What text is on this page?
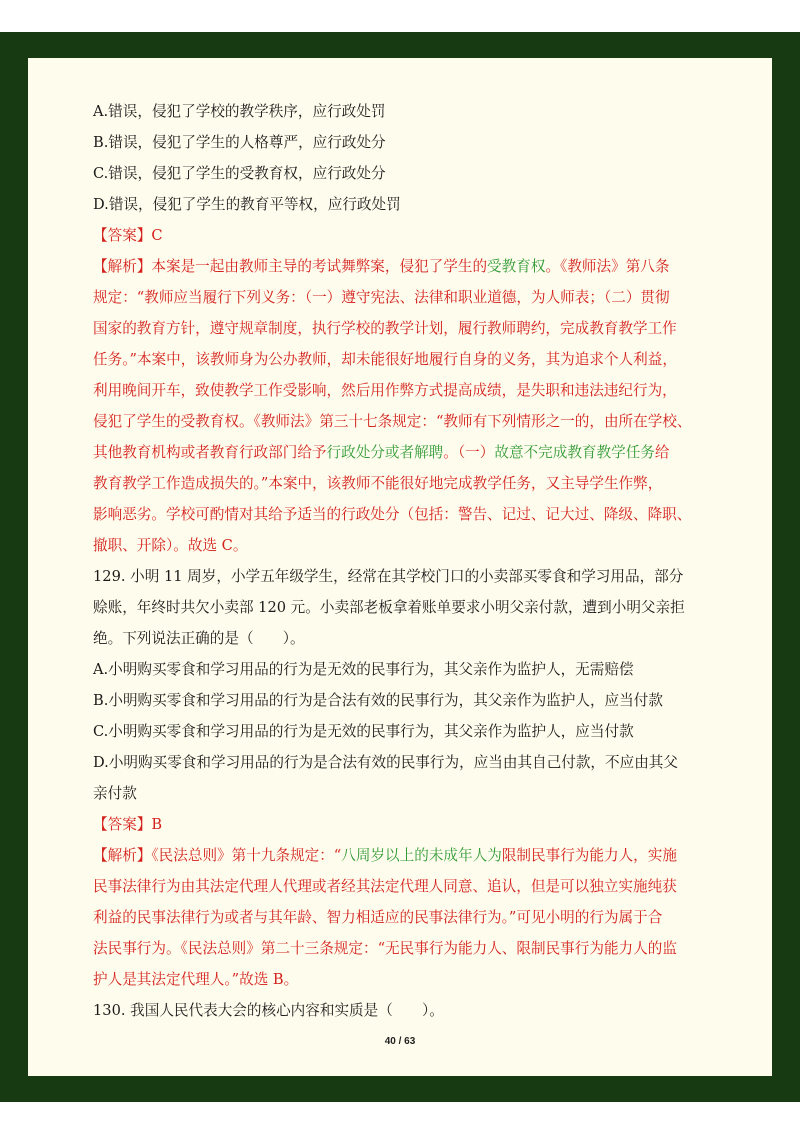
A.错误，侵犯了学校的教学秩序，应行政处罚
B.错误，侵犯了学生的人格尊严，应行政处分
C.错误，侵犯了学生的受教育权，应行政处分
D.错误，侵犯了学生的教育平等权，应行政处罚
【答案】C
【解析】本案是一起由教师主导的考试舞弊案，侵犯了学生的受教育权。《教师法》第八条
规定：“教师应当履行下列义务：（一）遵守宪法、法律和职业道德，为人师表；（二）贯彻
国家的教育方针，遵守规章制度，执行学校的教学计划，履行教师聘约，完成教育教学工作
任务。”本案中，该教师身为公办教师，却未能很好地履行自身的义务，其为追求个人利益，
利用晚间开车，致使教学工作受影响，然后用作弊方式提高成绩，是失职和违法违纪行为，
侵犯了学生的受教育权。《教师法》第三十七条规定：“教师有下列情形之一的，由所在学校、
其他教育机构或者教育行政部门给予行政处分或者解聘。（一）故意不完成教育教学任务给
教育教学工作造成损失的。”本案中，该教师不能很好地完成教学任务，又主导学生作弊，
影响恶劣。学校可酌情对其给予适当的行政处分（包括：警告、记过、记大过、降级、降职、
撤职、开除）。故选 C。
129. 小明 11 周岁，小学五年级学生，经常在其学校门口的小卖部买零食和学习用品，部分
赊账，年终时共欠小卖部 120 元。小卖部老板拿着账单要求小明父亲付款，遭到小明父亲拒
绝。下列说法正确的是（　　）。
A.小明购买零食和学习用品的行为是无效的民事行为，其父亲作为监护人，无需赔偿
B.小明购买零食和学习用品的行为是合法有效的民事行为，其父亲作为监护人，应当付款
C.小明购买零食和学习用品的行为是无效的民事行为，其父亲作为监护人，应当付款
D.小明购买零食和学习用品的行为是合法有效的民事行为，应当由其自己付款，不应由其父
亲付款
【答案】B
【解析】《民法总则》第十九条规定：“八周岁以上的未成年人为限制民事行为能力人，实施
民事法律行为由其法定代理人代理或者经其法定代理人同意、追认，但是可以独立实施纯获
利益的民事法律行为或者与其年龄、智力相适应的民事法律行为。”可见小明的行为属于合
法民事行为。《民法总则》第二十三条规定：“无民事行为能力人、限制民事行为能力人的监
护人是其法定代理人。”故选 B。
130. 我国人民代表大会的核心内容和实质是（　　）。
40 / 63
